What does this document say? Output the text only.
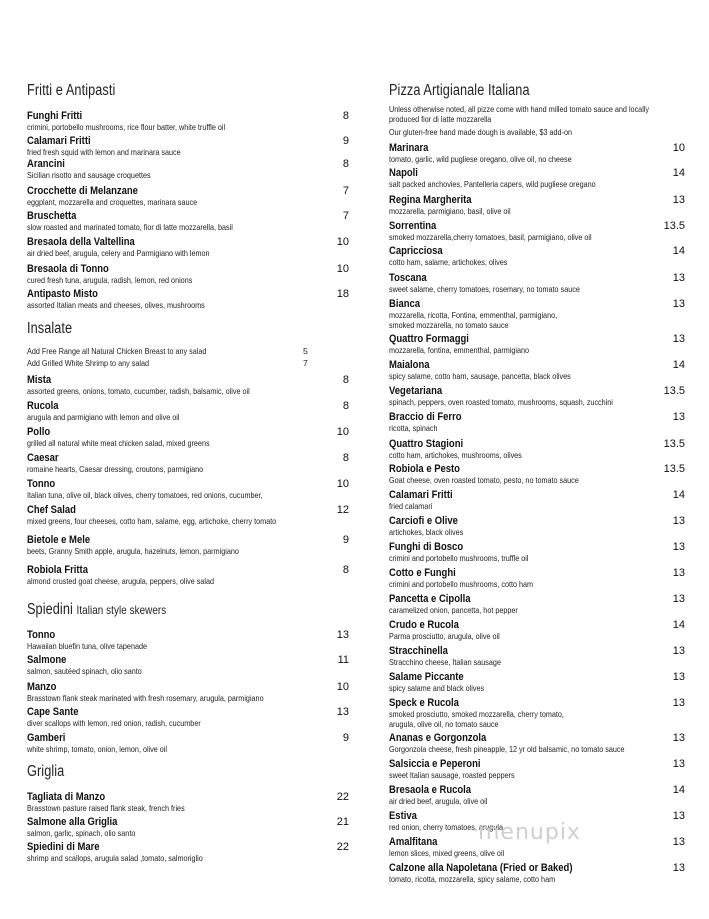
Fritti e Antipasti
Funghi Fritti
crimini, portobello mushrooms, rice flour batter, white truffle oil
8
Calamari Fritti
fried fresh squid with lemon and marinara sauce
9
Arancini
Sicilian risotto and sausage croquettes
8
Crocchette di Melanzane
eggplant, mozzarella and croquettes, marinara sauce
7
Bruschetta
slow roasted and marinated tomato, fior di latte mozzarella, basil
7
Bresaola della Valtellina
air dried beef, arugula, celery and Parmigiano with lemon
10
Bresaola di Tonno
cured fresh tuna, arugula, radish, lemon, red onions
10
Antipasto Misto
assorted Italian meats and cheeses, olives, mushrooms
18
Insalate
Add Free Range all Natural Chicken Breast to any salad	5
Add Grilled White Shrimp to any salad	7
Mista
assorted greens, onions, tomato, cucumber, radish, balsamic, olive oil
8
Rucola
arugula and parmigiano with lemon and olive oil
8
Pollo
grilled all natural white meat chicken salad, mixed greens
10
Caesar
romaine hearts, Caesar dressing, croutons, parmigiano
8
Tonno
Italian tuna, olive oil, black olives, cherry tomatoes, red onions, cucumber,
10
Chef Salad
mixed greens, four cheeses, cotto ham, salame, egg, artichoke, cherry tomato
12
Bietole e Mele
beets, Granny Smith apple, arugula, hazelnuts, lemon, parmigiano
9
Robiola Fritta
almond crusted goat cheese, arugula, peppers, olive salad
8
Spiedini Italian style skewers
Tonno
Hawaiian bluefin tuna, olive tapenade
13
Salmone
salmon, sautéed spinach, olio santo
11
Manzo
Brasstown flank steak marinated with fresh rosemary, arugula, parmigiano
10
Cape Sante
diver scallops with lemon, red onion, radish, cucumber
13
Gamberi
white shrimp, tomato, onion, lemon, olive oil
9
Griglia
Tagliata di Manzo
Brasstown pasture raised flank steak, french fries
22
Salmone alla Griglia
salmon, garlic, spinach, olio santo
21
Spiedini di Mare
shrimp and scallops, arugula salad ,tomato, salmoriglio
22
Pizza Artigianale Italiana
Unless otherwise noted, all pizze come with hand milled tomato sauce and locally
produced fior di latte mozzarella
Our gluten-free hand made dough is available, $3 add-on
Marinara
tomato, garlic, wild pugliese oregano, olive oil, no cheese
10
Napoli
salt packed anchovies, Pantelleria capers, wild pugliese oregano
14
Regina Margherita
mozzarella, parmigiano, basil, olive oil
13
Sorrentina
smoked mozzarella,cherry tomatoes, basil, parmigiano, olive oil
13.5
Capricciosa
cotto ham, salame, artichokes, olives
14
Toscana
sweet salame, cherry tomatoes, rosemary, no tomato sauce
13
Bianca
mozzarella, ricotta, Fontina, emmenthal, parmigiano,
smoked mozzarella, no tomato sauce
13
Quattro Formaggi
mozzarella, fontina, emmenthal, parmigiano
13
Maialona
spicy salame, cotto ham, sausage, pancetta, black olives
14
Vegetariana
spinach, peppers, oven roasted tomato, mushrooms, squash, zucchini
13.5
Braccio di Ferro
ricotta, spinach
13
Quattro Stagioni
cotto ham, artichokes, mushrooms, olives
13.5
Robiola e Pesto
Goat cheese, oven roasted tomato, pesto, no tomato sauce
13.5
Calamari Fritti
fried calamari
14
Carciofi e Olive
artichokes, black olives
13
Funghi di Bosco
crimini and portobello mushrooms, truffle oil
13
Cotto e Funghi
crimini and portobello mushrooms, cotto ham
13
Pancetta e Cipolla
caramelized onion, pancetta, hot pepper
13
Crudo e Rucola
Parma prosciutto, arugula, olive oil
14
Stracchinella
Stracchino cheese, Italian sausage
13
Salame Piccante
spicy salame and black olives
13
Speck e Rucola
smoked prosciutto, smoked mozzarella, cherry tomato,
arugula, olive oil, no tomato sauce
13
Ananas e Gorgonzola
Gorgonzola cheese, fresh pineapple, 12 yr old balsamic, no tomato sauce
13
Salsiccia e Peperoni
sweet Italian sausage, roasted peppers
13
Bresaola e Rucola
air dried beef, arugula, olive oil
14
Estiva
red onion, cherry tomatoes, arugula
13
Amalfitana
lemon slices, mixed greens, olive oil
13
Calzone alla Napoletana (Fried or Baked)
tomato, ricotta, mozzarella, spicy salame, cotto ham
13
menupix
